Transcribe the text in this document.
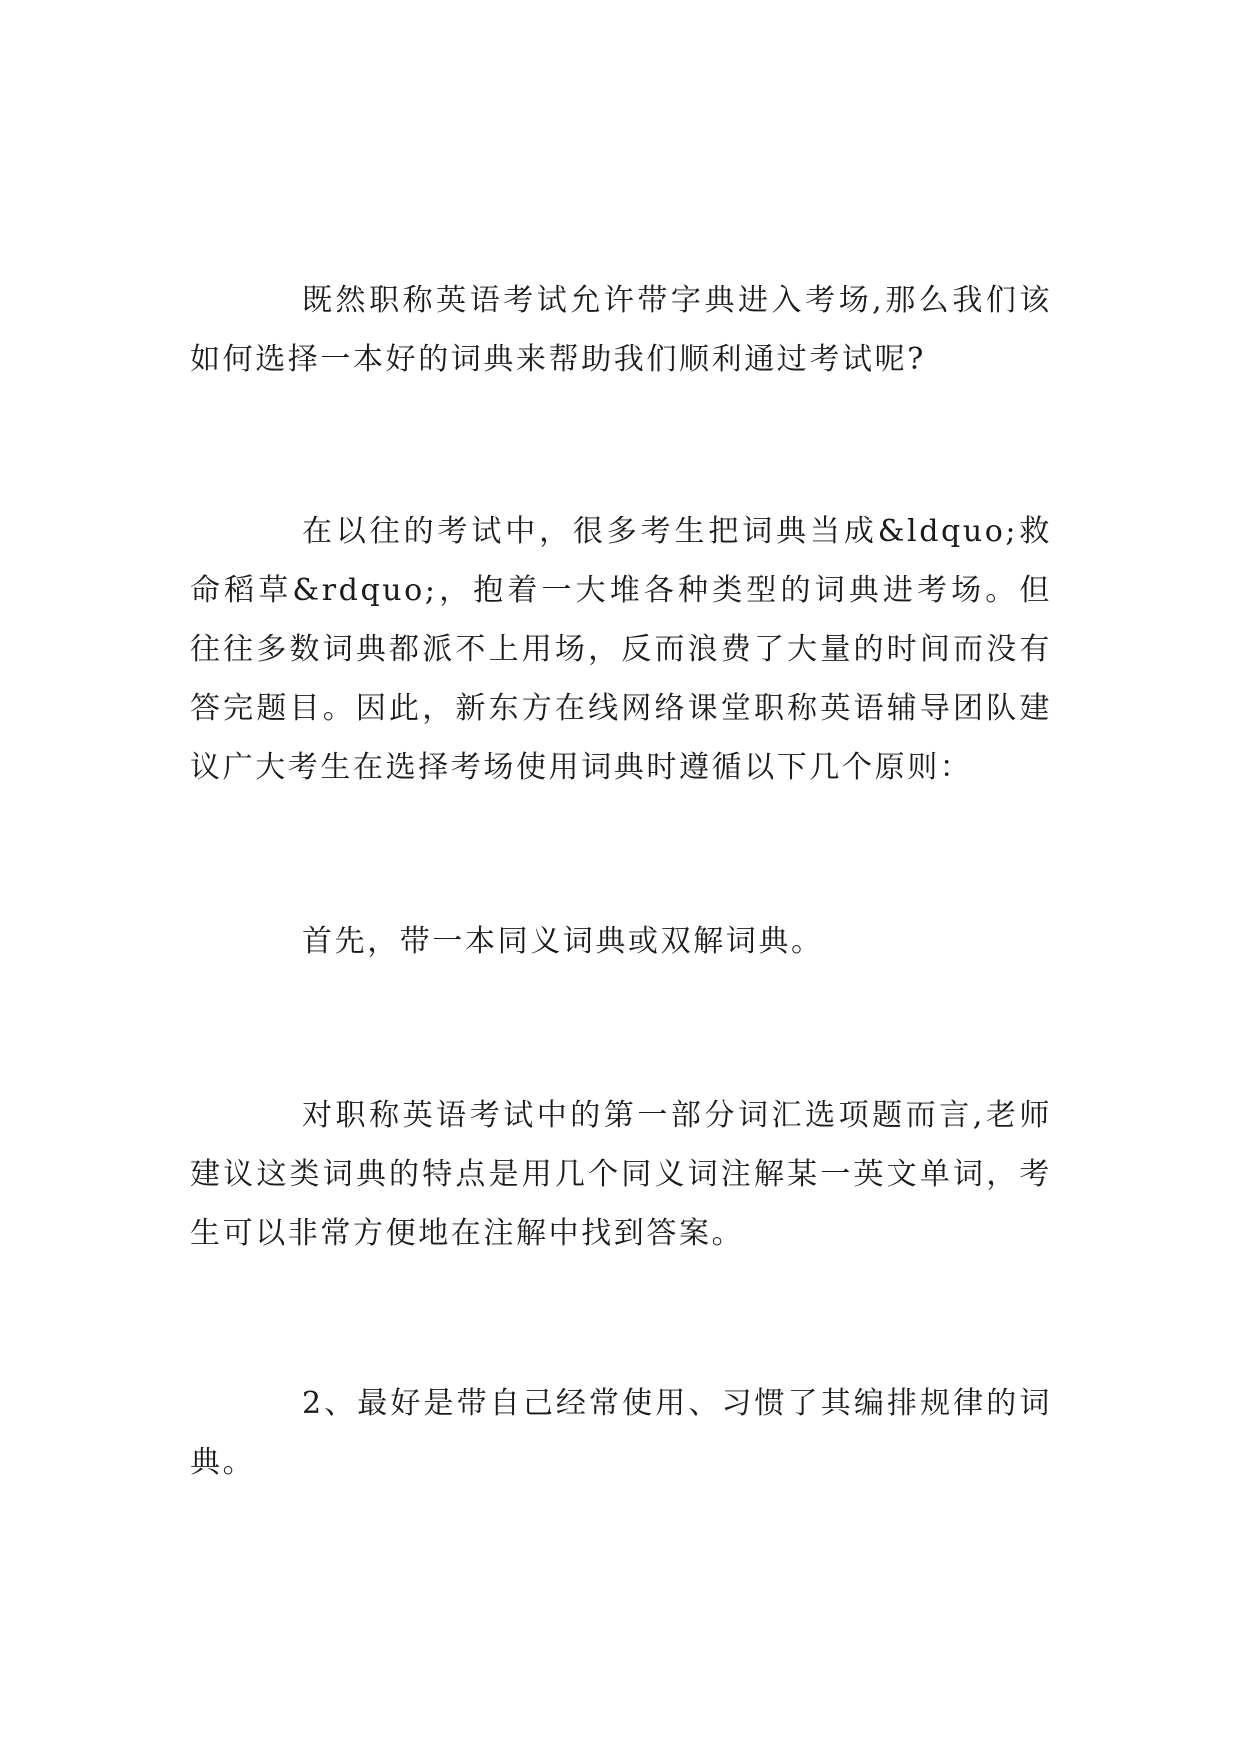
既然职称英语考试允许带字典进入考场,那么我们该如何选择一本好的词典来帮助我们顺利通过考试呢?

在以往的考试中，很多考生把词典当成&ldquo;救命稻草&rdquo;，抱着一大堆各种类型的词典进考场。但往往多数词典都派不上用场，反而浪费了大量的时间而没有答完题目。因此，新东方在线网络课堂职称英语辅导团队建议广大考生在选择考场使用词典时遵循以下几个原则：

首先，带一本同义词典或双解词典。

对职称英语考试中的第一部分词汇选项题而言,老师建议这类词典的特点是用几个同义词注解某一英文单词，考生可以非常方便地在注解中找到答案。

2、最好是带自己经常使用、习惯了其编排规律的词典。
